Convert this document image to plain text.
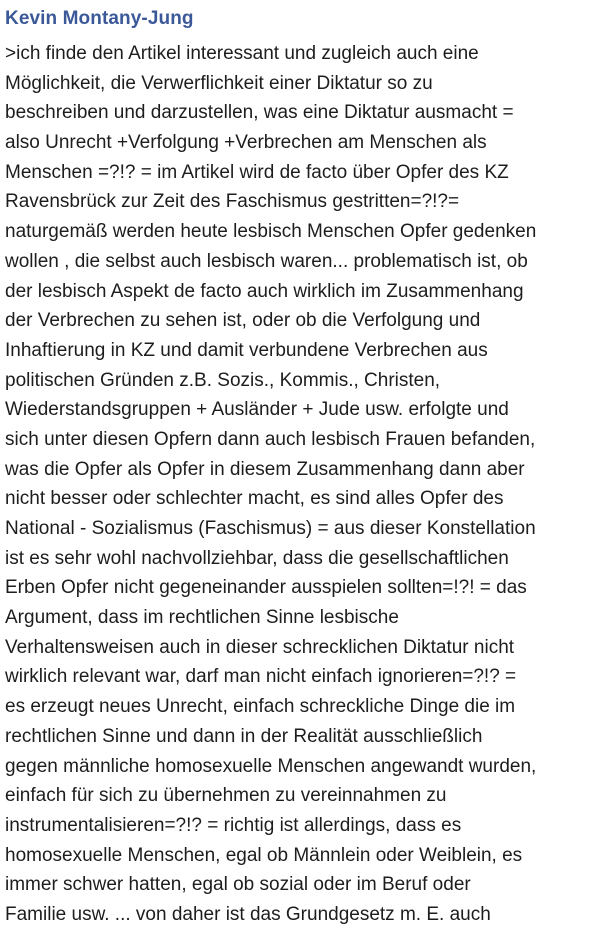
Kevin Montany-Jung
>ich finde den Artikel interessant und zugleich auch eine
Möglichkeit, die Verwerflichkeit einer Diktatur so zu
beschreiben und darzustellen, was eine Diktatur ausmacht =
also Unrecht +Verfolgung +Verbrechen am Menschen als
Menschen =?!? = im Artikel wird de facto über Opfer des KZ
Ravensbrück zur Zeit des Faschismus gestritten=?!?=
naturgemäß werden heute lesbisch Menschen Opfer gedenken
wollen , die selbst auch lesbisch waren... problematisch ist, ob
der lesbisch Aspekt de facto auch wirklich im Zusammenhang
der Verbrechen zu sehen ist, oder ob die Verfolgung und
Inhaftierung in KZ und damit verbundene Verbrechen aus
politischen Gründen z.B. Sozis., Kommis., Christen,
Wiederstandsgruppen + Ausländer + Jude usw. erfolgte und
sich unter diesen Opfern dann auch lesbisch Frauen befanden,
was die Opfer als Opfer in diesem Zusammenhang dann aber
nicht besser oder schlechter macht, es sind alles Opfer des
National - Sozialismus (Faschismus) = aus dieser Konstellation
ist es sehr wohl nachvollziehbar, dass die gesellschaftlichen
Erben Opfer nicht gegeneinander ausspielen sollten=!?! = das
Argument, dass im rechtlichen Sinne lesbische
Verhaltensweisen auch in dieser schrecklichen Diktatur nicht
wirklich relevant war, darf man nicht einfach ignorieren=?!? =
es erzeugt neues Unrecht, einfach schreckliche Dinge die im
rechtlichen Sinne und dann in der Realität ausschließlich
gegen männliche homosexuelle Menschen angewandt wurden,
einfach für sich zu übernehmen zu vereinnahmen zu
instrumentalisieren=?!? = richtig ist allerdings, dass es
homosexuelle Menschen, egal ob Männlein oder Weiblein, es
immer schwer hatten, egal ob sozial oder im Beruf oder
Familie usw. ... von daher ist das Grundgesetz m. E. auch
